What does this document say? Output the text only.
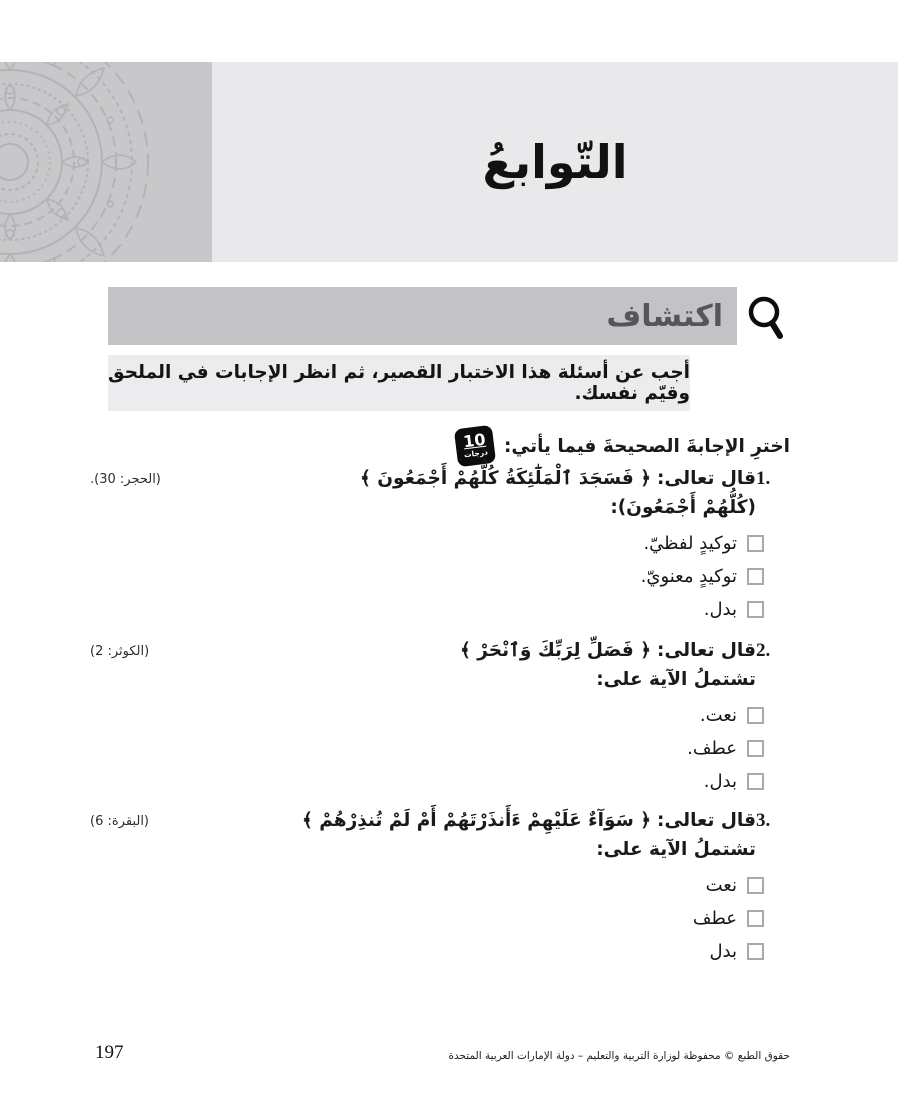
التّوابعُ
اكتشاف
أجب عن أسئلة هذا الاختبار القصير، ثم انظر الإجابات في الملحق وقيّم نفسك.
اخترِ الإجابةَ الصحيحةَ فيما يأتي:
10
درجات
1.
قال تعالى:
﴿ فَسَجَدَ ٱلْمَلَٰٓئِكَةُ كُلُّهُمْ أَجْمَعُونَ ﴾
(الحجر: 30).
(كُلُّهُمْ أَجْمَعُونَ):
توكيدٍ لفظيّ.
توكيدٍ معنويّ.
بدل.
2.
قال تعالى:
﴿ فَصَلِّ لِرَبِّكَ وَٱنْحَرْ ﴾
(الكوثر: 2)
تشتملُ الآية على:
نعت.
عطف.
بدل.
3.
قال تعالى:
﴿ سَوَآءٌ عَلَيْهِمْ ءَأَنذَرْتَهُمْ أَمْ لَمْ تُنذِرْهُمْ ﴾
(البقرة: 6)
تشتملُ الآية على:
نعت
عطف
بدل
197	حقوق الطبع © محفوظة لوزارة التربية والتعليم – دولة الإمارات العربية المتحدة
